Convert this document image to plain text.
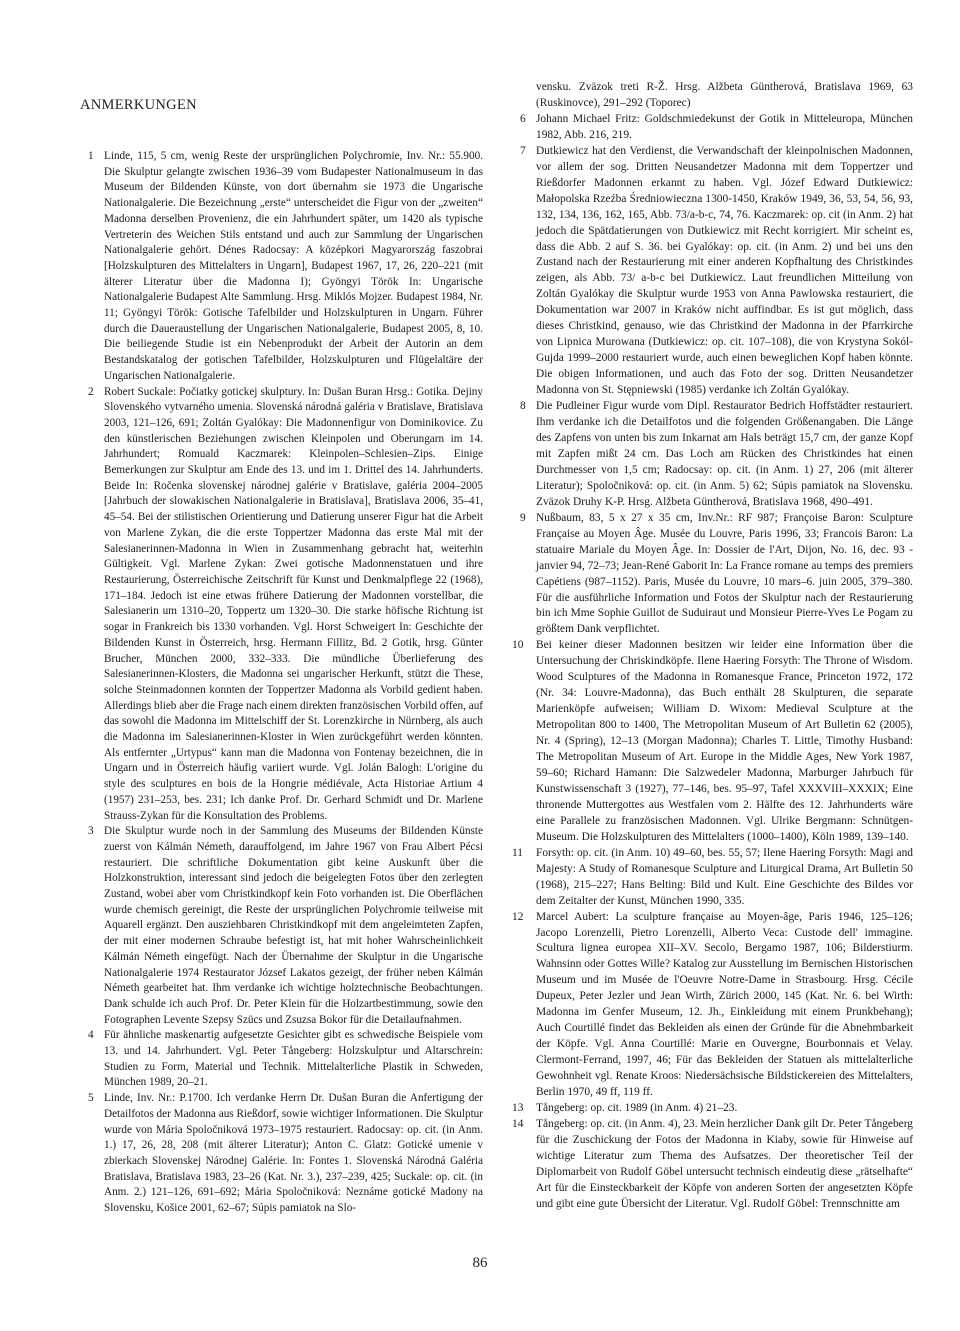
ANMERKUNGEN

1 Linde, 115, 5 cm, wenig Reste der ursprünglichen Polychromie, Inv. Nr.: 55.900. Die Skulptur gelangte zwischen 1936–39 vom Budapester Nationalmuseum in das Museum der Bildenden Künste, von dort übernahm sie 1973 die Ungarische Nationalgalerie. Die Bezeichnung „erste“ unterscheidet die Figur von der „zweiten“ Madonna derselben Provenienz, die ein Jahrhundert später, um 1420 als typische Vertreterin des Weichen Stils entstand und auch zur Sammlung der Ungarischen Nationalgalerie gehört. Dénes Radocsay: A középkori Magyarország faszobrai [Holzskulpturen des Mittelalters in Ungarn], Budapest 1967, 17, 26, 220–221 (mit älterer Literatur über die Madonna I); Gyöngyi Török In: Ungarische Nationalgalerie Budapest Alte Sammlung. Hrsg. Miklós Mojzer. Budapest 1984, Nr. 11; Gyöngyi Török: Gotische Tafelbilder und Holzskulpturen in Ungarn. Führer durch die Daueraustellung der Ungarischen Nationalgalerie, Budapest 2005, 8, 10. Die beiliegende Studie ist ein Nebenprodukt der Arbeit der Autorin an dem Bestandskatalog der gotischen Tafelbilder, Holzskulpturen und Flügelaltäre der Ungarischen Nationalgalerie.

2 Robert Suckale: Počiatky gotickej skulptury. In: Dušan Buran Hrsg.: Gotika. Dejiny Slovenského vytvarného umenia. Slovenská národná galéria v Bratislave, Bratislava 2003, 121–126, 691; Zoltán Gyalókay: Die Madonnenfigur von Dominikovice. Zu den künstlerischen Beziehungen zwischen Kleinpolen und Oberungarn im 14. Jahrhundert; Romuald Kaczmarek: Kleinpolen–Schlesien–Zips. Einige Bemerkungen zur Skulptur am Ende des 13. und im 1. Drittel des 14. Jahrhunderts. Beide In: Ročenka slovenskej národnej galérie v Bratislave, galéria 2004–2005 [Jahrbuch der slowakischen Nationalgalerie in Bratislava], Bratislava 2006, 35–41, 45–54. Bei der stilistischen Orientierung und Datierung unserer Figur hat die Arbeit von Marlene Zykan, die die erste Toppertzer Madonna das erste Mal mit der Salesianerinnen-Madonna in Wien in Zusammenhang gebracht hat, weiterhin Gültigkeit. Vgl. Marlene Zykan: Zwei gotische Madonnenstatuen und ihre Restaurierung, Österreichische Zeitschrift für Kunst und Denkmalpflege 22 (1968), 171–184. Jedoch ist eine etwas frühere Datierung der Madonnen vorstellbar, die Salesianerin um 1310–20, Toppertz um 1320–30. Die starke höfische Richtung ist sogar in Frankreich bis 1330 vorhanden. Vgl. Horst Schweigert In: Geschichte der Bildenden Kunst in Österreich, hrsg. Hermann Fillitz, Bd. 2 Gotik, hrsg. Günter Brucher, München 2000, 332–333. Die mündliche Überlieferung des Salesianerinnen-Klosters, die Madonna sei ungarischer Herkunft, stützt die These, solche Steinmadonnen konnten der Toppertzer Madonna als Vorbild gedient haben. Allerdings blieb aber die Frage nach einem direkten französischen Vorbild offen, auf das sowohl die Madonna im Mittelschiff der St. Lorenzkirche in Nürnberg, als auch die Madonna im Salesianerinnen-Kloster in Wien zurückgeführt werden könnten. Als entfernter „Urtypus“ kann man die Madonna von Fontenay bezeichnen, die in Ungarn und in Österreich häufig variiert wurde. Vgl. Jolán Balogh: L'origine du style des sculptures en bois de la Hongrie médiévale, Acta Historiae Artium 4 (1957) 231–253, bes. 231; Ich danke Prof. Dr. Gerhard Schmidt und Dr. Marlene Strauss-Zykan für die Konsultation des Problems.

3 Die Skulptur wurde noch in der Sammlung des Museums der Bildenden Künste zuerst von Kálmán Németh, darauffolgend, im Jahre 1967 von Frau Albert Pécsi restauriert. Die schriftliche Dokumentation gibt keine Auskunft über die Holzkonstruktion, interessant sind jedoch die beigelegten Fotos über den zerlegten Zustand, wobei aber vom Christkindkopf kein Foto vorhanden ist. Die Oberflächen wurde chemisch gereinigt, die Reste der ursprünglichen Polychromie teilweise mit Aquarell ergänzt. Den ausziehbaren Christkindkopf mit dem angeleimteten Zapfen, der mit einer modernen Schraube befestigt ist, hat mit hoher Wahrscheinlichkeit Kálmán Németh eingefügt. Nach der Übernahme der Skulptur in die Ungarische Nationalgalerie 1974 Restaurator József Lakatos gezeigt, der früher neben Kálmán Németh gearbeitet hat. Ihm verdanke ich wichtige holztechnische Beobachtungen. Dank schulde ich auch Prof. Dr. Peter Klein für die Holzartbestimmung, sowie den Fotographen Levente Szepsy Szücs und Zsuzsa Bokor für die Detailaufnahmen.

4 Für ähnliche maskenartig aufgesetzte Gesichter gibt es schwedische Beispiele vom 13. und 14. Jahrhundert. Vgl. Peter Tångeberg: Holzskulptur und Altarschrein: Studien zu Form, Material und Technik. Mittelalterliche Plastik in Schweden, München 1989, 20–21.

5 Linde, Inv. Nr.: P.1700. Ich verdanke Herrn Dr. Dušan Buran die Anfertigung der Detailfotos der Madonna aus Rießdorf, sowie wichtiger Informationen. Die Skulptur wurde von Mária Spoločniková 1973–1975 restauriert. Radocsay: op. cit. (in Anm. 1.) 17, 26, 28, 208 (mit älterer Literatur); Anton C. Glatz: Gotické umenie v zbierkach Slovenskej Národnej Galérie. In: Fontes 1. Slovenská Národná Galéria Bratislava, Bratislava 1983, 23–26 (Kat. Nr. 3.), 237–239, 425; Suckale: op. cit. (in Anm. 2.) 121–126, 691–692; Mária Spoločniková: Neznáme gotické Madony na Slovensku, Košice 2001, 62–67; Súpis pamiatok na Slo-

vensku. Zväzok treti R-Ž. Hrsg. Alžbeta Güntherová, Bratislava 1969, 63 (Ruskinovce), 291–292 (Toporec)

6 Johann Michael Fritz: Goldschmiedekunst der Gotik in Mitteleuropa, München 1982, Abb. 216, 219.

7 Dutkiewicz hat den Verdienst, die Verwandschaft der kleinpolnischen Madonnen, vor allem der sog. Dritten Neusandetzer Madonna mit dem Toppertzer und Rießdorfer Madonnen erkannt zu haben. Vgl. Józef Edward Dutkiewicz: Małopolska Rzeźba Średniowieczna 1300-1450, Kraków 1949, 36, 53, 54, 56, 93, 132, 134, 136, 162, 165, Abb. 73/a-b-c, 74, 76. Kaczmarek: op. cit (in Anm. 2) hat jedoch die Spätdatierungen von Dutkiewicz mit Recht korrigiert. Mir scheint es, dass die Abb. 2 auf S. 36. bei Gyalókay: op. cit. (in Anm. 2) und bei uns den Zustand nach der Restaurierung mit einer anderen Kopfhaltung des Christkindes zeigen, als Abb. 73/ a-b-c bei Dutkiewicz. Laut freundlichen Mitteilung von Zoltán Gyalókay die Skulptur wurde 1953 von Anna Pawlowska restauriert, die Dokumentation war 2007 in Kraków nicht auffindbar. Es ist gut möglich, dass dieses Christkind, genauso, wie das Christkind der Madonna in der Pfarrkirche von Lipnica Murowana (Dutkiewicz: op. cit. 107–108), die von Krystyna Sokól-Gujda 1999–2000 restauriert wurde, auch einen beweglichen Kopf haben könnte. Die obigen Informationen, und auch das Foto der sog. Dritten Neusandetzer Madonna von St. Stępniewski (1985) verdanke ich Zoltán Gyalókay.

8 Die Pudleiner Figur wurde vom Dipl. Restaurator Bedrich Hoffstädter restauriert. Ihm verdanke ich die Detailfotos und die folgenden Größenangaben. Die Länge des Zapfens von unten bis zum Inkarnat am Hals beträgt 15,7 cm, der ganze Kopf mit Zapfen mißt 24 cm. Das Loch am Rücken des Christkindes hat einen Durchmesser von 1,5 cm; Radocsay: op. cit. (in Anm. 1) 27, 206 (mit älterer Literatur); Spoločniková: op. cit. (in Anm. 5) 62; Súpis pamiatok na Slovensku. Zväzok Druhy K-P. Hrsg. Alžbeta Güntherová, Bratislava 1968, 490–491.

9 Nußbaum, 83, 5 x 27 x 35 cm, Inv.Nr.: RF 987; Françoise Baron: Sculpture Française au Moyen Âge. Musée du Louvre, Paris 1996, 33; Francois Baron: La statuaire Mariale du Moyen Âge. In: Dossier de l'Art, Dijon, No. 16, dec. 93 - janvier 94, 72–73; Jean-René Gaborit In: La France romane au temps des premiers Capétiens (987–1152). Paris, Musée du Louvre, 10 mars–6. juin 2005, 379–380. Für die ausführliche Information und Fotos der Skulptur nach der Restaurierung bin ich Mme Sophie Guillot de Suduiraut und Monsieur Pierre-Yves Le Pogam zu größtem Dank verpflichtet.

10	Bei keiner dieser Madonnen besitzen wir leider eine Information über die Untersuchung der Chriskindköpfe. Ilene Haering Forsyth: The Throne of Wisdom. Wood Sculptures of the Madonna in Romanesque France, Princeton 1972, 172 (Nr. 34: Louvre-Madonna), das Buch enthält 28 Skulpturen, die separate Marienköpfe aufweisen; William D. Wixom: Medieval Sculpture at the Metropolitan 800 to 1400, The Metropolitan Museum of Art Bulletin 62 (2005), Nr. 4 (Spring), 12–13 (Morgan Madonna); Charles T. Little, Timothy Husband: The Metropolitan Museum of Art. Europe in the Middle Ages, New York 1987, 59–60; Richard Hamann: Die Salzwedeler Madonna, Marburger Jahrbuch für Kunstwissenschaft 3 (1927), 77–146, bes. 95–97, Tafel XXXVIII–XXXIX; Eine thronende Muttergottes aus Westfalen vom 2. Hälfte des 12. Jahrhunderts wäre eine Parallele zu französischen Madonnen. Vgl. Ulrike Bergmann: Schnütgen-Museum. Die Holzskulpturen des Mittelalters (1000–1400), Köln 1989, 139–140.

11	Forsyth: op. cit. (in Anm. 10) 49–60, bes. 55, 57; Ilene Haering Forsyth: Magi and Majesty: A Study of Romanesque Sculpture and Liturgical Drama, Art Bulletin 50 (1968), 215–227; Hans Belting: Bild und Kult. Eine Geschichte des Bildes vor dem Zeitalter der Kunst, München 1990, 335.

12	Marcel Aubert: La sculpture française au Moyen-âge, Paris 1946, 125–126; Jacopo Lorenzelli, Pietro Lorenzelli, Alberto Veca: Custode dell' immagine. Scultura lignea europea XII–XV. Secolo, Bergamo 1987, 106; Bilderstiurm. Wahnsinn oder Gottes Wille? Katalog zur Ausstellung im Bernischen Historischen Museum und im Musée de l'Oeuvre Notre-Dame in Strasbourg. Hrsg. Cécile Dupeux, Peter Jezler und Jean Wirth, Zürich 2000, 145 (Kat. Nr. 6. bei Wirth: Madonna im Genfer Museum, 12. Jh., Einkleidung mit einem Prunkbehang); Auch Courtillé findet das Bekleiden als einen der Gründe für die Abnehmbarkeit der Köpfe. Vgl. Anna Courtillé: Marie en Ouvergne, Bourbonnais et Velay. Clermont-Ferrand, 1997, 46; Für das Bekleiden der Statuen als mittelalterliche Gewohnheit vgl. Renate Kroos: Niedersächsische Bildstickereien des Mittelalters, Berlin 1970, 49 ff, 119 ff.

13	Tångeberg: op. cit. 1989 (in Anm. 4) 21–23.

14	Tångeberg: op. cit. (in Anm. 4), 23. Mein herzlicher Dank gilt Dr. Peter Tångeberg für die Zuschickung der Fotos der Madonna in Kiaby, sowie für Hinweise auf wichtige Literatur zum Thema des Aufsatzes. Der theoretischer Teil der Diplomarbeit von Rudolf Göbel untersucht technisch eindeutig diese „rätselhafte“ Art für die Einsteckbarkeit der Köpfe von anderen Sorten der angesetzten Köpfe und gibt eine gute Übersicht der Literatur. Vgl. Rudolf Göbel: Trennschnitte am

86
